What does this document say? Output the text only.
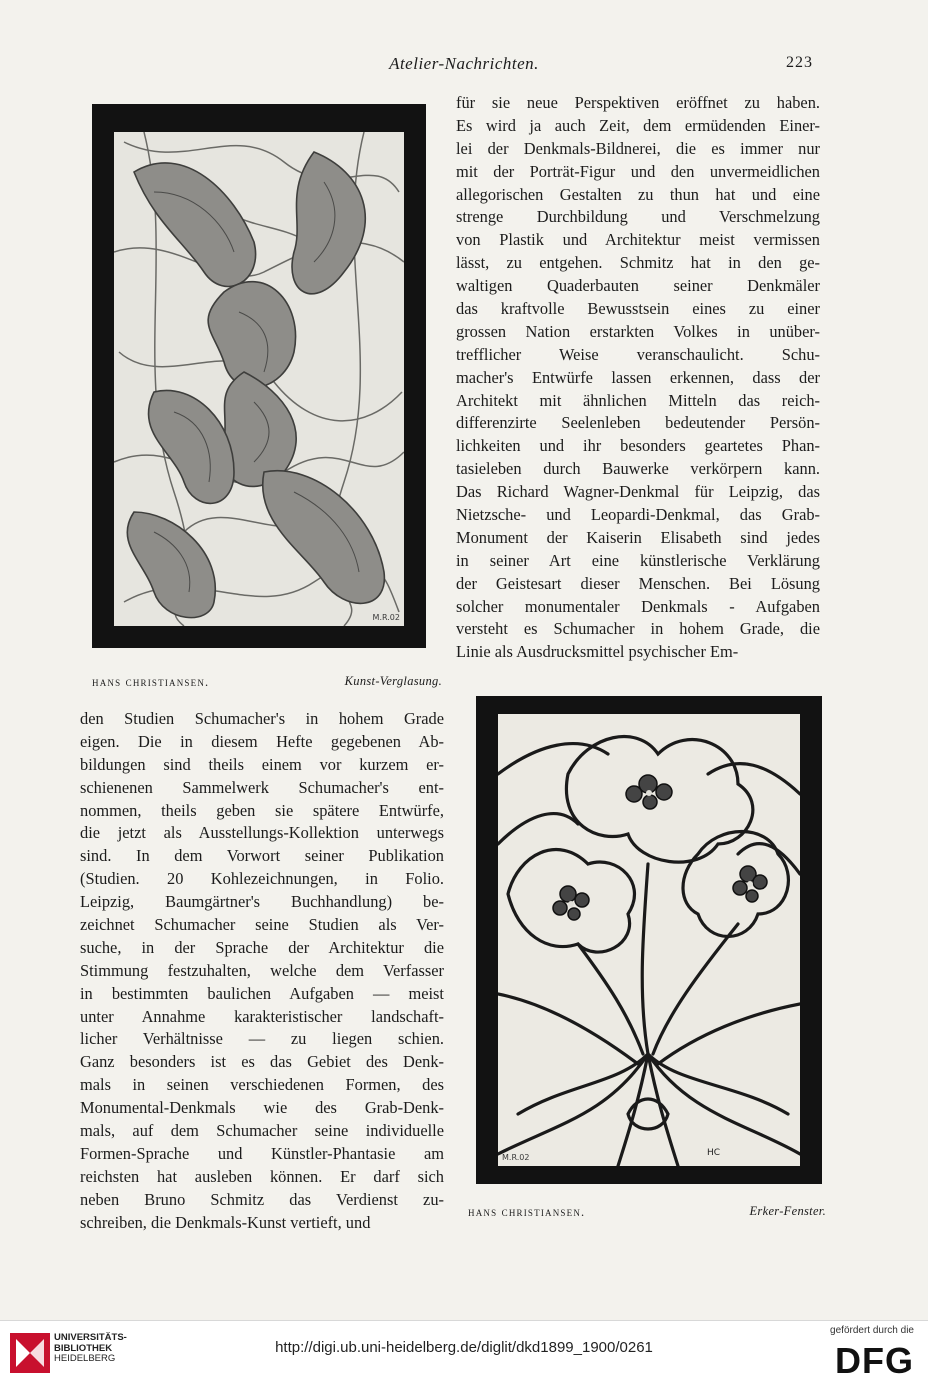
Atelier-Nachrichten.	223
M.R.02
hans christiansen.	Kunst-Verglasung.
für sie neue Perspektiven eröffnet zu haben.
Es wird ja auch Zeit, dem ermüdenden Einer-
lei der Denkmals-Bildnerei, die es immer nur
mit der Porträt-Figur und den unvermeidlichen
allegorischen Gestalten zu thun hat und eine
strenge Durchbildung und Verschmelzung
von Plastik und Architektur meist vermissen
lässt, zu entgehen. Schmitz hat in den ge-
waltigen Quaderbauten seiner Denkmäler
das kraftvolle Bewusstsein eines zu einer
grossen Nation erstarkten Volkes in unüber-
trefflicher Weise veranschaulicht. Schu-
macher's Entwürfe lassen erkennen, dass der
Architekt mit ähnlichen Mitteln das reich-
differenzirte Seelenleben bedeutender Persön-
lichkeiten und ihr besonders geartetes Phan-
tasieleben durch Bauwerke verkörpern kann.
Das Richard Wagner-Denkmal für Leipzig, das
Nietzsche- und Leopardi-Denkmal, das Grab-
Monument der Kaiserin Elisabeth sind jedes
in seiner Art eine künstlerische Verklärung
der Geistesart dieser Menschen. Bei Lösung
solcher monumentaler Denkmals - Aufgaben
versteht es Schumacher in hohem Grade, die
Linie als Ausdrucksmittel psychischer Em-
den Studien Schumacher's in hohem Grade
eigen. Die in diesem Hefte gegebenen Ab-
bildungen sind theils einem vor kurzem er-
schienenen Sammelwerk Schumacher's ent-
nommen, theils geben sie spätere Entwürfe,
die jetzt als Ausstellungs-Kollektion unterwegs
sind. In dem Vorwort seiner Publikation
(Studien. 20 Kohlezeichnungen, in Folio.
Leipzig, Baumgärtner's Buchhandlung) be-
zeichnet Schumacher seine Studien als Ver-
suche, in der Sprache der Architektur die
Stimmung festzuhalten, welche dem Verfasser
in bestimmten baulichen Aufgaben — meist
unter Annahme karakteristischer landschaft-
licher Verhältnisse — zu liegen schien.
Ganz besonders ist es das Gebiet des Denk-
mals in seinen verschiedenen Formen, des
Monumental-Denkmals wie des Grab-Denk-
mals, auf dem Schumacher seine individuelle
Formen-Sprache und Künstler-Phantasie am
reichsten hat ausleben können. Er darf sich
neben Bruno Schmitz das Verdienst zu-
schreiben, die Denkmals-Kunst vertieft, und
M.R.02	HC
hans christiansen.	Erker-Fenster.
UNIVERSITÄTS-
BIBLIOTHEK
HEIDELBERG
http://digi.ub.uni-heidelberg.de/diglit/dkd1899_1900/0261
gefördert durch die
DFG
